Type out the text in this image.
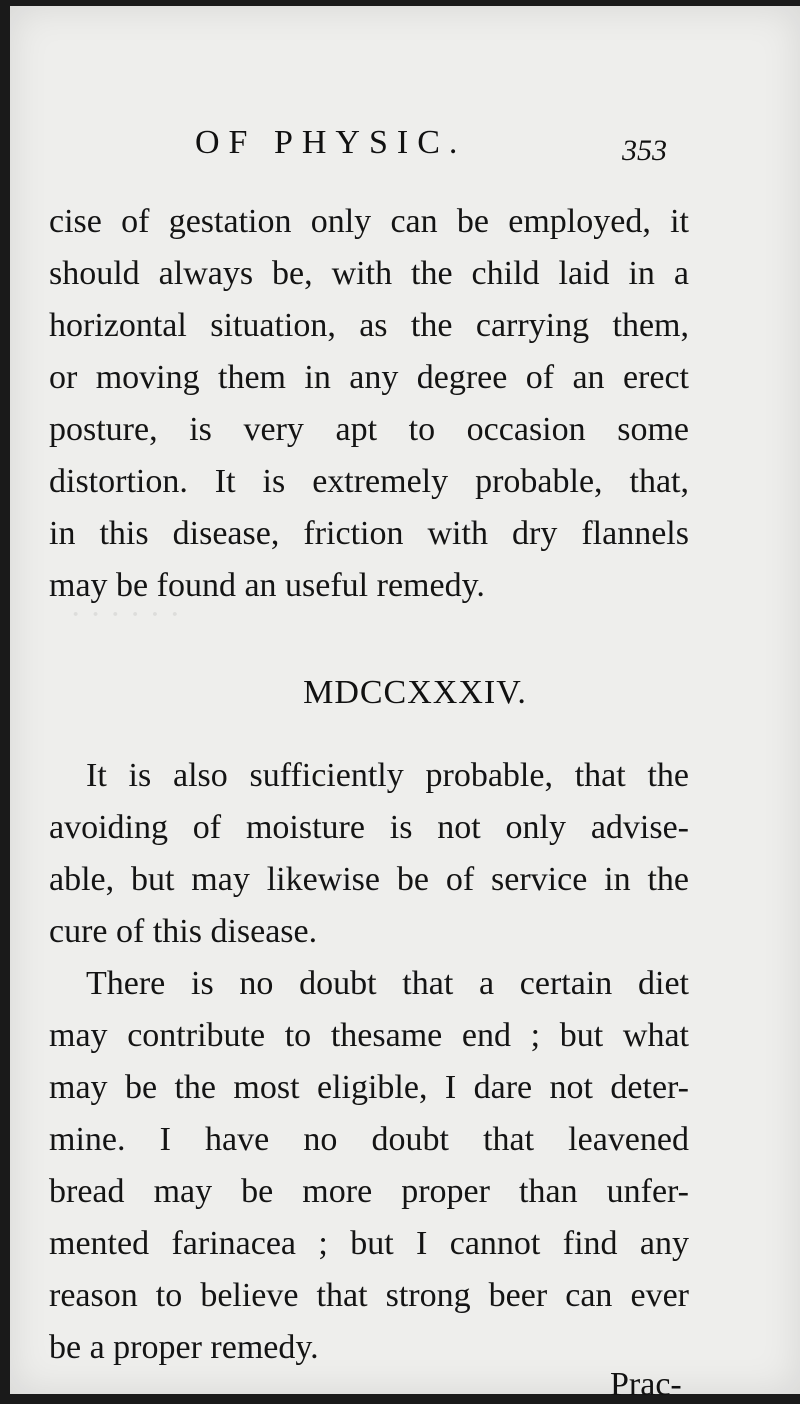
· · · · · ·
OF PHYSIC.	353
cise of gestation only can be employed, it
should always be, with the child laid in a
horizontal situation, as the carrying them,
or moving them in any degree of an erect
posture, is very apt to occasion some
distortion. It is extremely probable, that,
in this disease, friction with dry flannels
may be found an useful remedy.
MDCCXXXIV.
It is also sufficiently probable, that the
avoiding of moisture is not only advise-
able, but may likewise be of service in the
cure of this disease.
There is no doubt that a certain diet
may contribute to thesame end ; but what
may be the most eligible, I dare not deter-
mine. I have no doubt that leavened
bread may be more proper than unfer-
mented farinacea ; but I cannot find any
reason to believe that strong beer can ever
be a proper remedy.
Prac-
